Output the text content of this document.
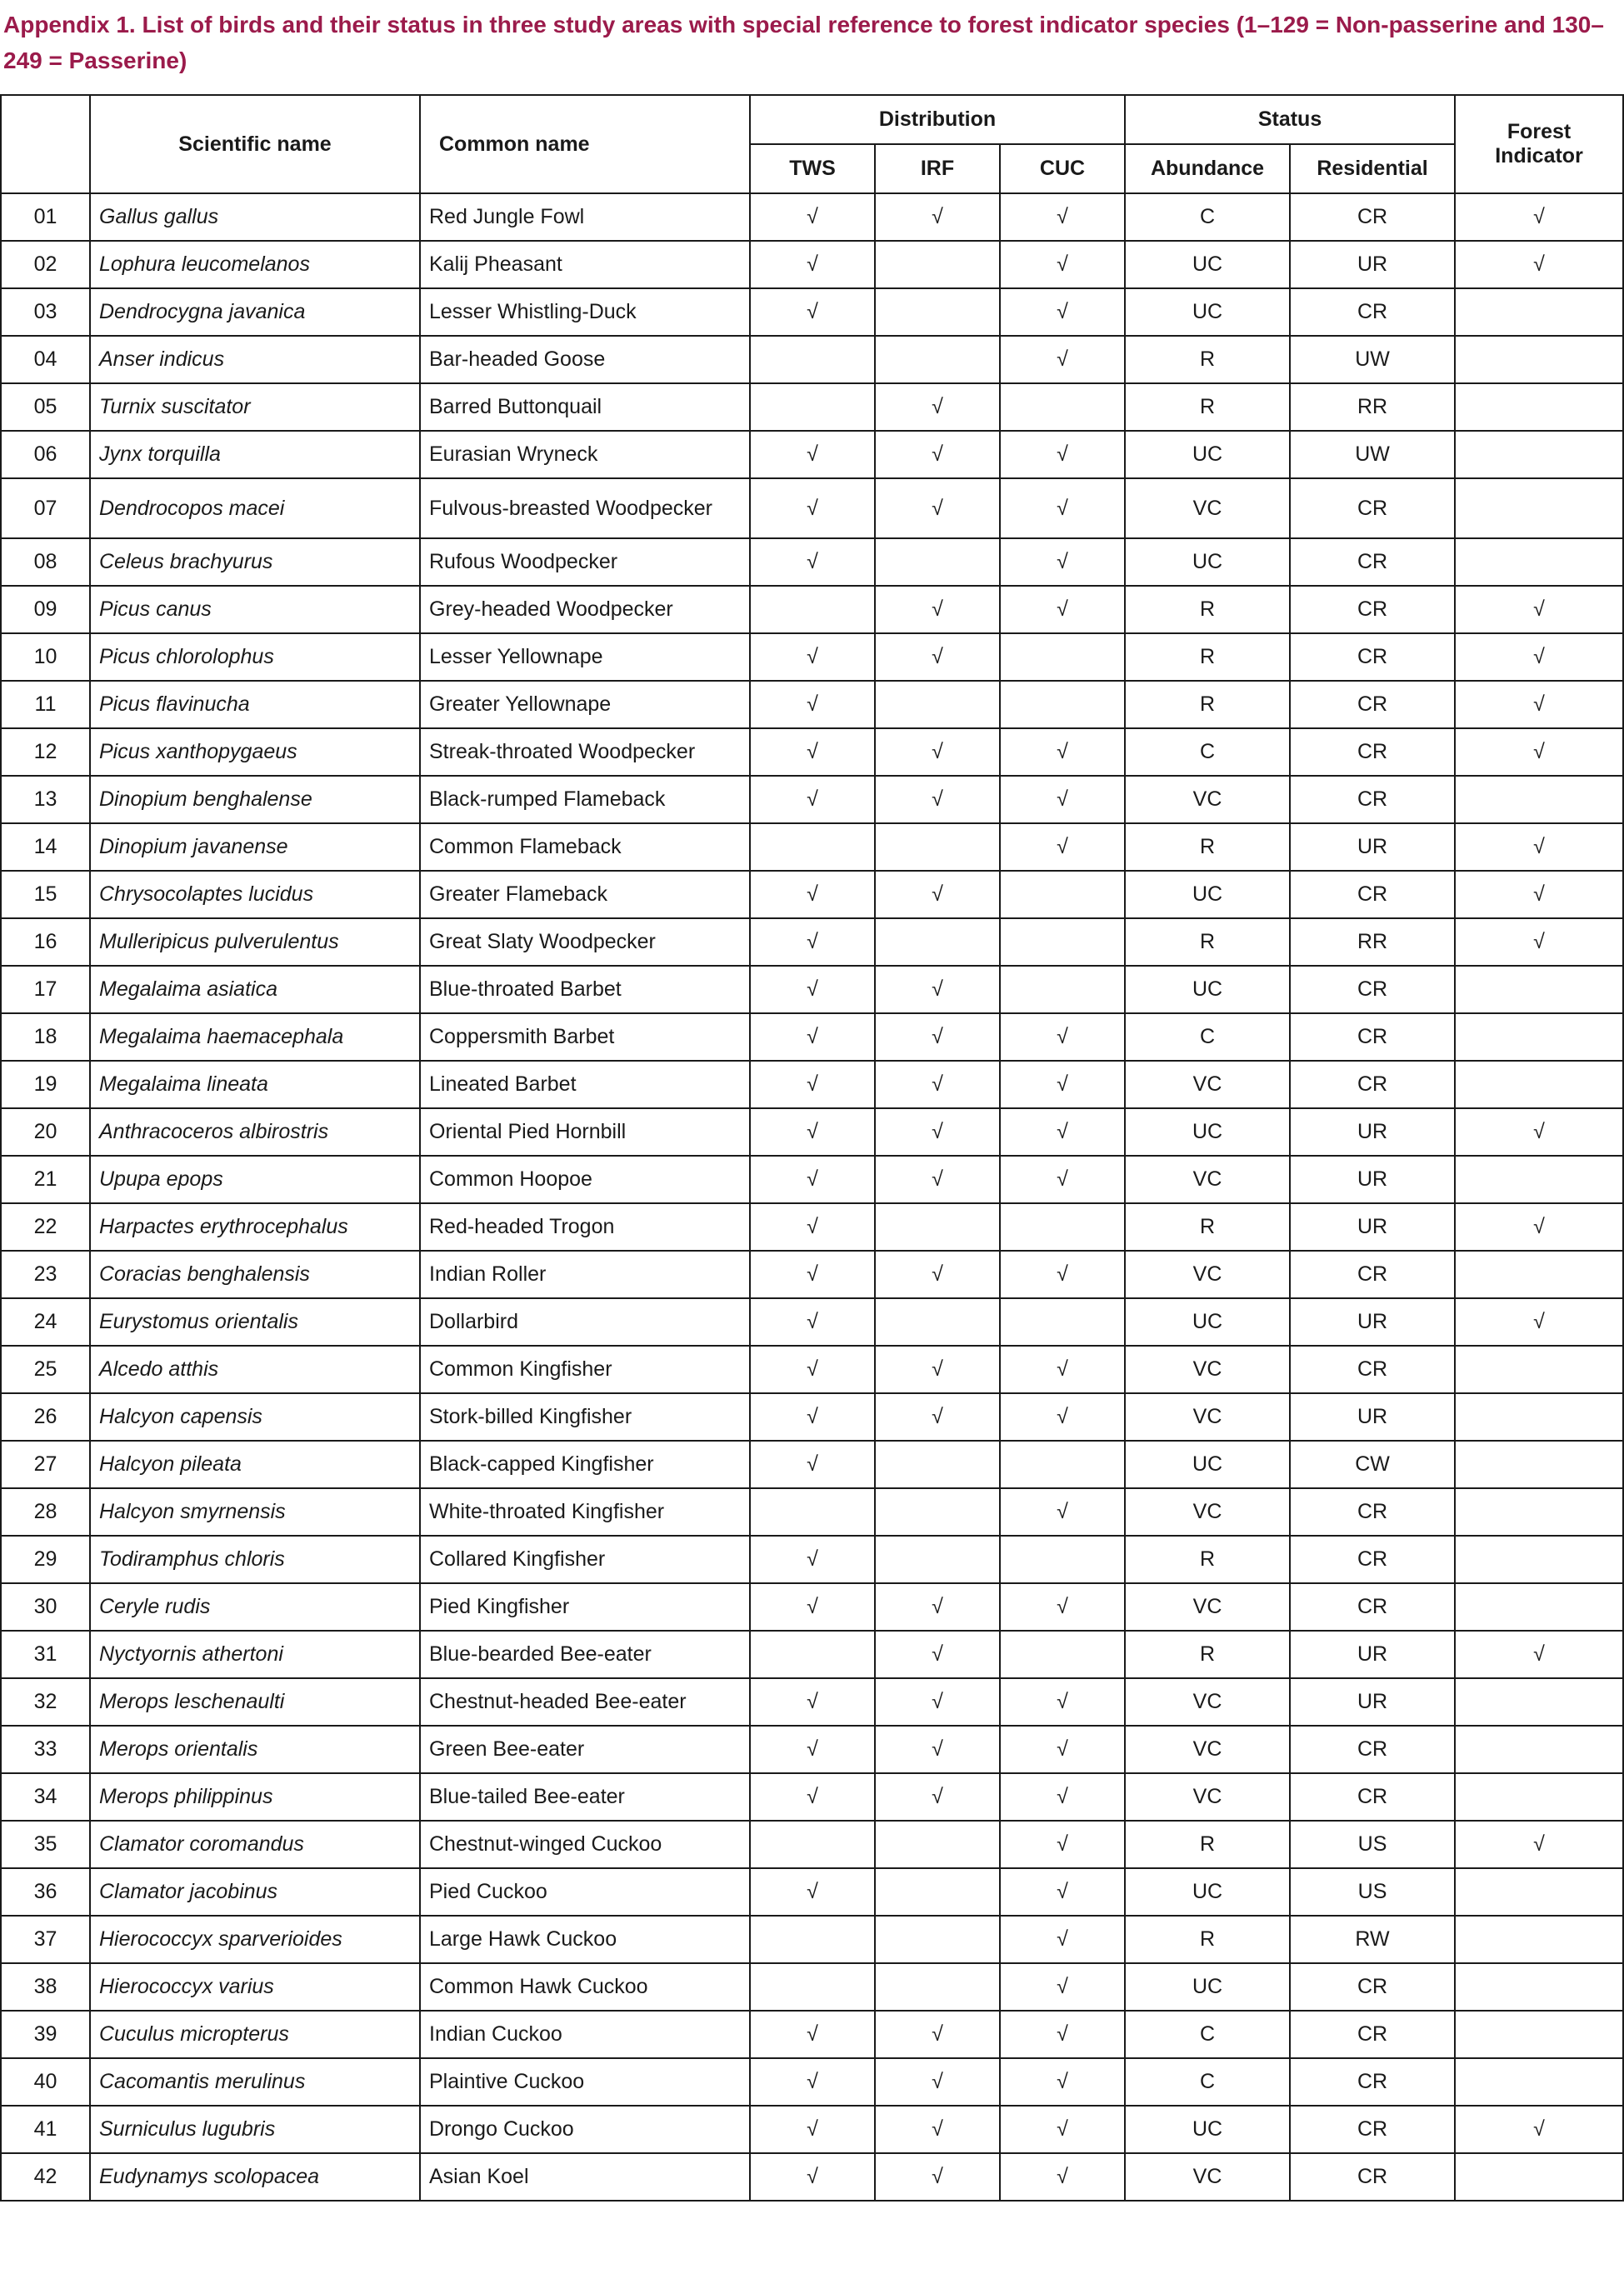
Appendix 1. List of birds and their status in three study areas with special reference to forest indicator species (1–129 = Non-passerine and 130–249 = Passerine)

	Scientific name	Common name	Distribution			Status		Forest Indicator
			TWS	IRF	CUC	Abundance	Residential	
01	Gallus gallus	Red Jungle Fowl	√	√	√	C	CR	√
02	Lophura leucomelanos	Kalij Pheasant	√		√	UC	UR	√
03	Dendrocygna javanica	Lesser Whistling-Duck	√		√	UC	CR	
04	Anser indicus	Bar-headed Goose			√	R	UW	
05	Turnix suscitator	Barred Buttonquail		√		R	RR	
06	Jynx torquilla	Eurasian Wryneck	√	√	√	UC	UW	
07	Dendrocopos macei	Fulvous-breasted Woodpecker	√	√	√	VC	CR	
08	Celeus brachyurus	Rufous Woodpecker	√		√	UC	CR	
09	Picus canus	Grey-headed Woodpecker		√	√	R	CR	√
10	Picus chlorolophus	Lesser Yellownape	√	√		R	CR	√
11	Picus flavinucha	Greater Yellownape	√			R	CR	√
12	Picus xanthopygaeus	Streak-throated Woodpecker	√	√	√	C	CR	√
13	Dinopium benghalense	Black-rumped Flameback	√	√	√	VC	CR	
14	Dinopium javanense	Common Flameback			√	R	UR	√
15	Chrysocolaptes lucidus	Greater Flameback	√	√		UC	CR	√
16	Mulleripicus pulverulentus	Great Slaty Woodpecker	√			R	RR	√
17	Megalaima asiatica	Blue-throated Barbet	√	√		UC	CR	
18	Megalaima haemacephala	Coppersmith Barbet	√	√	√	C	CR	
19	Megalaima lineata	Lineated Barbet	√	√	√	VC	CR	
20	Anthracoceros albirostris	Oriental Pied Hornbill	√	√	√	UC	UR	√
21	Upupa epops	Common Hoopoe	√	√	√	VC	UR	
22	Harpactes erythrocephalus	Red-headed Trogon	√			R	UR	√
23	Coracias benghalensis	Indian Roller	√	√	√	VC	CR	
24	Eurystomus orientalis	Dollarbird	√			UC	UR	√
25	Alcedo atthis	Common Kingfisher	√	√	√	VC	CR	
26	Halcyon capensis	Stork-billed Kingfisher	√	√	√	VC	UR	
27	Halcyon pileata	Black-capped Kingfisher	√			UC	CW	
28	Halcyon smyrnensis	White-throated Kingfisher			√	VC	CR	
29	Todiramphus chloris	Collared Kingfisher	√			R	CR	
30	Ceryle rudis	Pied Kingfisher	√	√	√	VC	CR	
31	Nyctyornis athertoni	Blue-bearded Bee-eater		√		R	UR	√
32	Merops leschenaulti	Chestnut-headed Bee-eater	√	√	√	VC	UR	
33	Merops orientalis	Green Bee-eater	√	√	√	VC	CR	
34	Merops philippinus	Blue-tailed Bee-eater	√	√	√	VC	CR	
35	Clamator coromandus	Chestnut-winged Cuckoo			√	R	US	√
36	Clamator jacobinus	Pied Cuckoo	√		√	UC	US	
37	Hierococcyx sparverioides	Large Hawk Cuckoo			√	R	RW	
38	Hierococcyx varius	Common Hawk Cuckoo			√	UC	CR	
39	Cuculus micropterus	Indian Cuckoo	√	√	√	C	CR	
40	Cacomantis merulinus	Plaintive Cuckoo	√	√	√	C	CR	
41	Surniculus lugubris	Drongo Cuckoo	√	√	√	UC	CR	√
42	Eudynamys scolopacea	Asian Koel	√	√	√	VC	CR	
